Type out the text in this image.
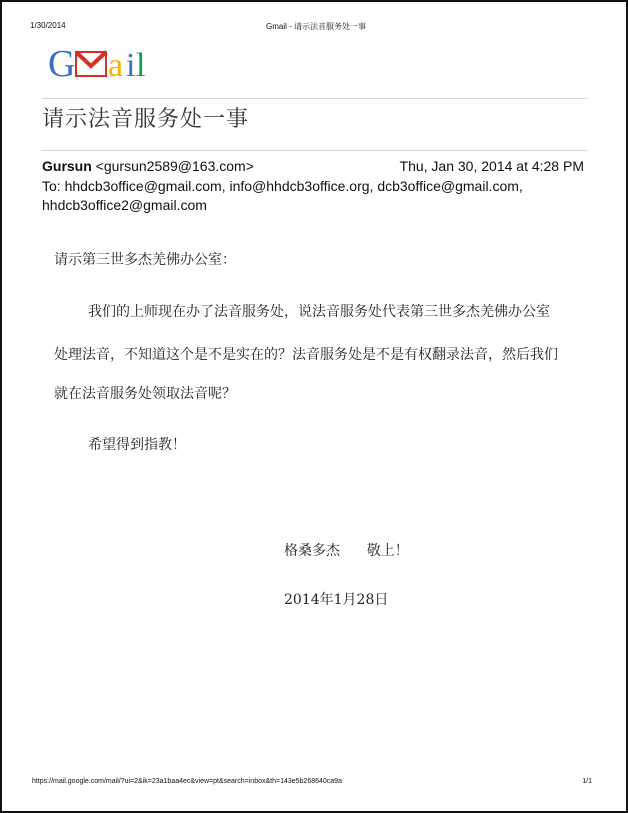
1/30/2014	Gmail - 请示法音服务处一事
G a i l
请示法音服务处一事
Gursun <gursun2589@163.com>	Thu, Jan 30, 2014 at 4:28 PM
To: hhdcb3office@gmail.com, info@hhdcb3office.org, dcb3office@gmail.com, hhdcb3office2@gmail.com
请示第三世多杰羌佛办公室：
我们的上师现在办了法音服务处，说法音服务处代表第三世多杰羌佛办公室
处理法音，不知道这个是不是实在的？法音服务处是不是有权翻录法音，然后我们
就在法音服务处领取法音呢？
希望得到指教！
格桑多杰      敬上！
2014年1月28日
https://mail.google.com/mail/?ui=2&ik=23a1baa4ec&view=pt&search=inbox&th=143e5b268640ca9a	1/1
